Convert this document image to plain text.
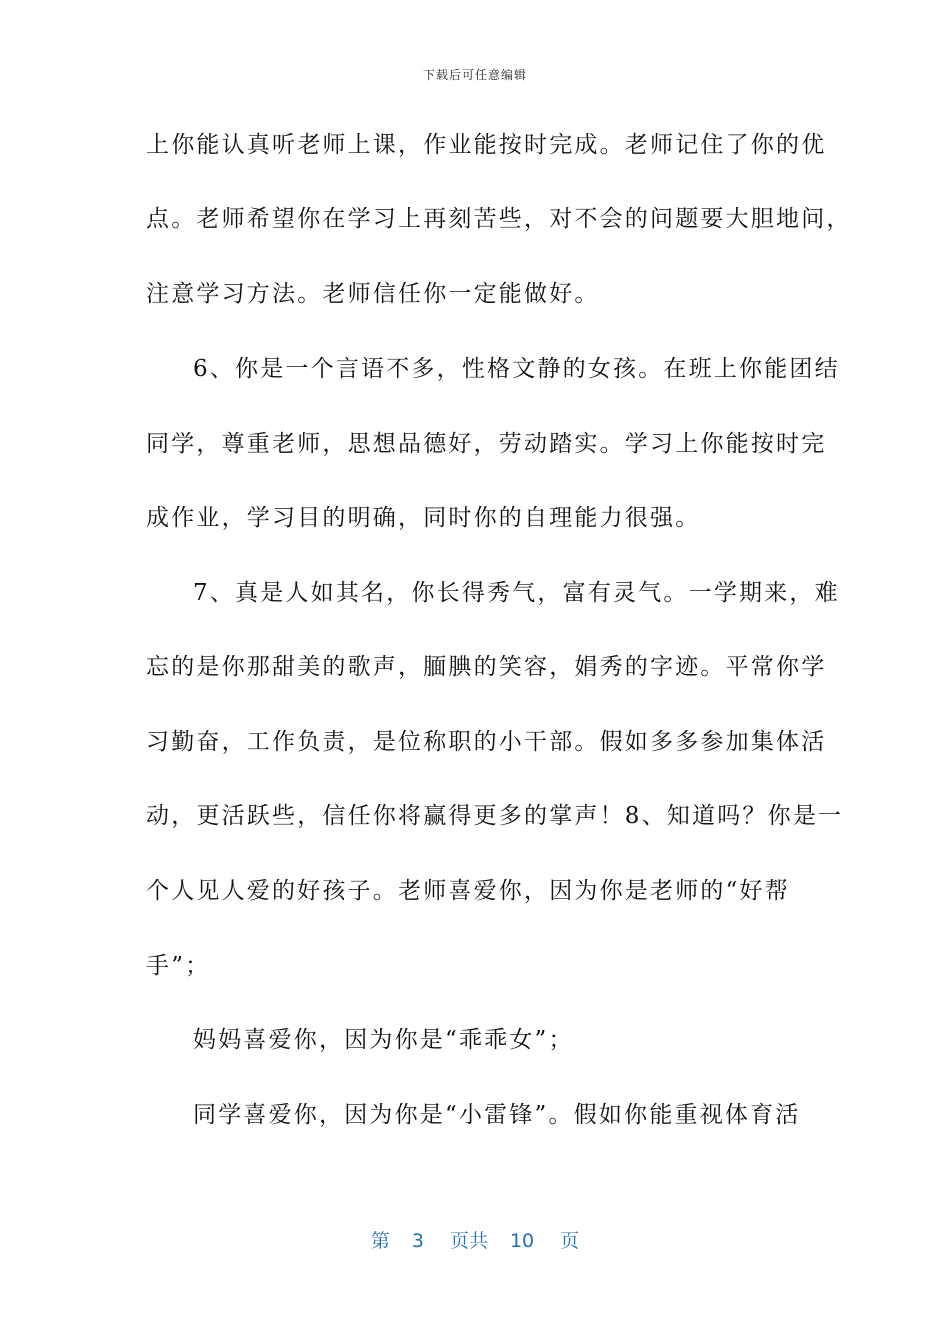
下载后可任意编辑
上你能认真听老师上课，作业能按时完成。老师记住了你的优
点。老师希望你在学习上再刻苦些，对不会的问题要大胆地问，
注意学习方法。老师信任你一定能做好。
6、你是一个言语不多，性格文静的女孩。在班上你能团结
同学，尊重老师，思想品德好，劳动踏实。学习上你能按时完
成作业，学习目的明确，同时你的自理能力很强。
7、真是人如其名，你长得秀气，富有灵气。一学期来，难
忘的是你那甜美的歌声，腼腆的笑容，娟秀的字迹。平常你学
习勤奋，工作负责，是位称职的小干部。假如多多参加集体活
动，更活跃些，信任你将赢得更多的掌声！8、知道吗？你是一
个人见人爱的好孩子。老师喜爱你，因为你是老师的“好帮
手”；
妈妈喜爱你，因为你是“乖乖女”；
同学喜爱你，因为你是“小雷锋”。假如你能重视体育活
第 3 页共 10 页
